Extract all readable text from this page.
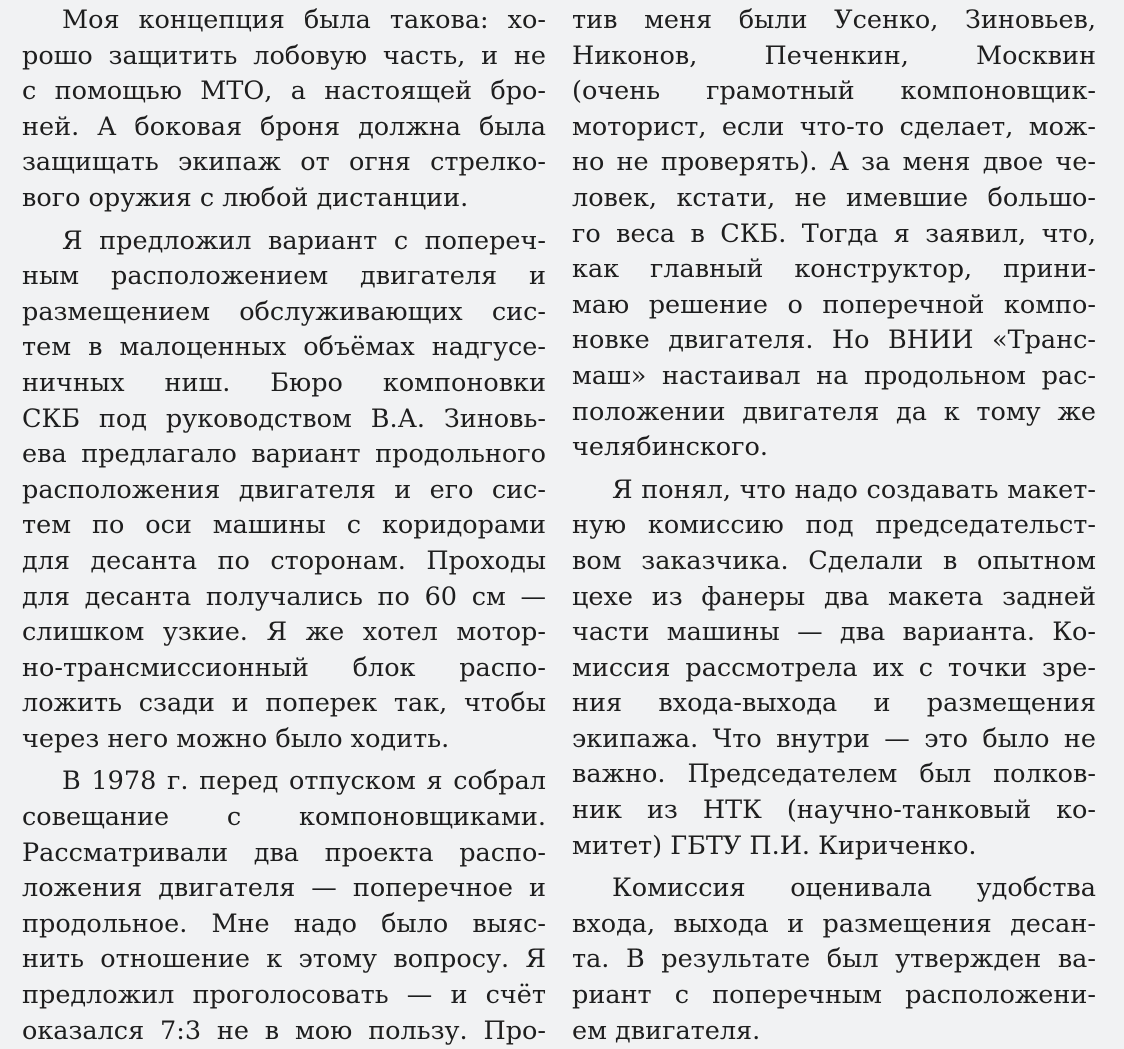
Моя концепция была такова: хо-
рошо защитить лобовую часть, и не
с помощью МТО, а настоящей бро-
ней. А боковая броня должна была
защищать экипаж от огня стрелко-
вого оружия с любой дистанции.
Я предложил вариант с попереч-
ным расположением двигателя и
размещением обслуживающих сис-
тем в малоценных объёмах надгусе-
ничных ниш. Бюро компоновки
СКБ под руководством В.А. Зиновь-
ева предлагало вариант продольного
расположения двигателя и его сис-
тем по оси машины с коридорами
для десанта по сторонам. Проходы
для десанта получались по 60 см —
слишком узкие. Я же хотел мотор-
но-трансмиссионный блок распо-
ложить сзади и поперек так, чтобы
через него можно было ходить.
В 1978 г. перед отпуском я собрал
совещание с компоновщиками.
Рассматривали два проекта распо-
ложения двигателя — поперечное и
продольное. Мне надо было выяс-
нить отношение к этому вопросу. Я
предложил проголосовать — и счёт
оказался 7:3 не в мою пользу. Про-
тив меня были Усенко, Зиновьев,
Никонов, Печенкин, Москвин
(очень грамотный компоновщик-
моторист, если что-то сделает, мож-
но не проверять). А за меня двое че-
ловек, кстати, не имевшие большо-
го веса в СКБ. Тогда я заявил, что,
как главный конструктор, прини-
маю решение о поперечной компо-
новке двигателя. Но ВНИИ «Транс-
маш» настаивал на продольном рас-
положении двигателя да к тому же
челябинского.
Я понял, что надо создавать макет-
ную комиссию под председательст-
вом заказчика. Сделали в опытном
цехе из фанеры два макета задней
части машины — два варианта. Ко-
миссия рассмотрела их с точки зре-
ния входа-выхода и размещения
экипажа. Что внутри — это было не
важно. Председателем был полков-
ник из НТК (научно-танковый ко-
митет) ГБТУ П.И. Кириченко.
Комиссия оценивала удобства
входа, выхода и размещения десан-
та. В результате был утвержден ва-
риант с поперечным расположени-
ем двигателя.
